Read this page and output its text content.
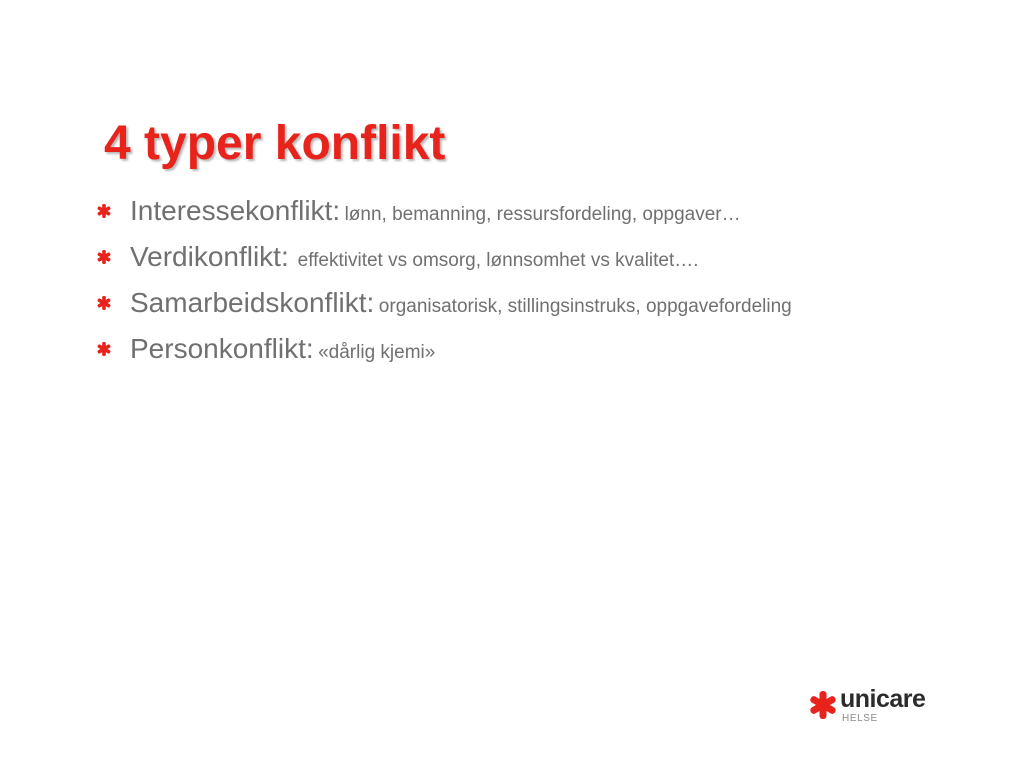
4 typer konflikt
Interessekonflikt: lønn, bemanning, ressursfordeling, oppgaver…
Verdikonflikt: effektivitet vs omsorg, lønnsomhet vs kvalitet….
Samarbeidskonflikt: organisatorisk, stillingsinstruks, oppgavefordeling
Personkonflikt: «dårlig kjemi»
unicare
HELSE
